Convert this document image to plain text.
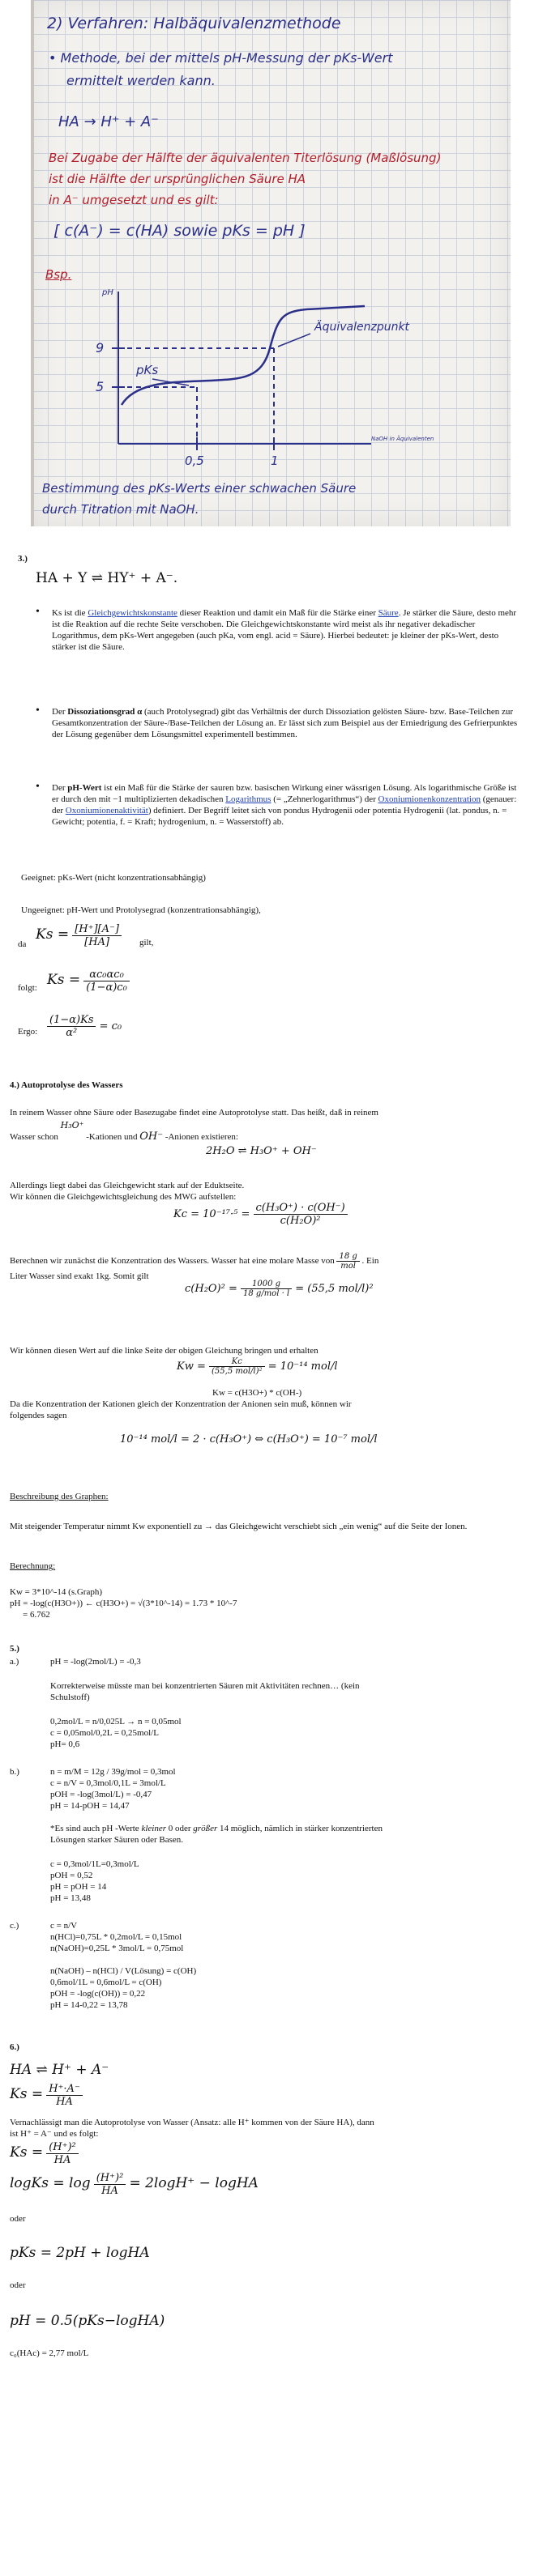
2) Verfahren: Halbäquivalenzmethode
• Methode, bei der mittels pH-Messung der pKs-Wert
ermittelt werden kann.
HA → H⁺ + A⁻
Bei Zugabe der Hälfte der äquivalenten Titerlösung (Maßlösung)
ist die Hälfte der ursprünglichen Säure HA
in A⁻ umgesetzt und es gilt:
[ c(A⁻) = c(HA) sowie pKs = pH ]
Bsp.
pH
9
5
pKs
Äquivalenzpunkt
0,5	1
NaOH in Äquivalenten
Bestimmung des pKs-Werts einer schwachen Säure
durch Titration mit NaOH.
3.)
HA + Y ⇌ HY⁺ + A⁻.
• Ks ist die Gleichgewichtskonstante dieser Reaktion und damit ein Maß für die Stärke einer Säure. Je stärker die Säure, desto mehr ist die Reaktion auf die rechte Seite verschoben. Die Gleichgewichtskonstante wird meist als ihr negativer dekadischer Logarithmus, dem pKs-Wert angegeben (auch pKa, vom engl. acid = Säure). Hierbei bedeutet: je kleiner der pKs-Wert, desto stärker ist die Säure.
• Der Dissoziationsgrad α (auch Protolysegrad) gibt das Verhältnis der durch Dissoziation gelösten Säure- bzw. Base-Teilchen zur Gesamtkonzentration der Säure-/Base-Teilchen der Lösung an. Er lässt sich zum Beispiel aus der Erniedrigung des Gefrierpunktes der Lösung gegenüber dem Lösungsmittel experimentell bestimmen.
• Der pH-Wert ist ein Maß für die Stärke der sauren bzw. basischen Wirkung einer wässrigen Lösung. Als logarithmische Größe ist er durch den mit −1 multiplizierten dekadischen Logarithmus (= „Zehnerlogarithmus“) der Oxoniumionenkonzentration (genauer: der Oxoniumionenaktivität) definiert. Der Begriff leitet sich von pondus Hydrogenii oder potentia Hydrogenii (lat. pondus, n. = Gewicht; potentia, f. = Kraft; hydrogenium, n. = Wasserstoff) ab.
Geeignet: pKs-Wert (nicht konzentrationsabhängig)
Ungeeignet: pH-Wert und Protolysegrad (konzentrationsabhängig),
da
$Ks = \frac{[H^+][A^-]}{[HA]}$ gilt,
folgt: $Ks = \frac{\text{αc₀αc₀}}{\text{(1−α)c₀}}$
Ergo: $\frac{(1-\alpha)Ks}{\text{α²}} = c_0$
4.) Autoprotolyse des Wassers
In reinem Wasser ohne Säure oder Basezugabe findet eine Autoprotolyse statt. Das heißt, daß in reinem
Wasser schon H₃O⁺ -Kationen und OH⁻ -Anionen existieren:
2H₂O ⇌ H₃O⁺ + OH⁻
Allerdings liegt dabei das Gleichgewicht stark auf der Eduktseite.
Wir können die Gleichgewichtsgleichung des MWG aufstellen:
$Kc = 10^{-17}\cdot^5 = \frac{\text{c(H₃O⁺) · c(OH⁻)}}{\text{c(H₂O)²}}$
Berechnen wir zunächst die Konzentration des Wassers. Wasser hat eine molare Masse von $\frac{18 g}{\text{mol}}$ . Ein
Liter Wasser sind exakt 1kg. Somit gilt
$c(H_2O)^2 = \frac{1000 g}{\text{18 g/mol · l}} = (55,5$ mol/l)²
Wir können diesen Wert auf die linke Seite der obigen Gleichung bringen und erhalten
$Kw = \frac{Kc}{\text{(55,5 mol/l)²}} = 10^{-14}$ mol/l
Kw = c(H3O+) * c(OH-)
Da die Konzentration der Kationen gleich der Konzentration der Anionen sein muß, können wir
folgendes sagen
10⁻¹⁴ mol/l = 2 · c(H₃O⁺) ⇔ c(H₃O⁺) = 10⁻⁷ mol/l
Beschreibung des Graphen:
Mit steigender Temperatur nimmt Kw exponentiell zu → das Gleichgewicht verschiebt sich „ein wenig“ auf die Seite der Ionen.
Berechnung:
Kw = 3*10^-14 (s.Graph)
pH = -log(c(H3O+)) ← c(H3O+) = √(3*10^-14) = 1.73 * 10^-7
= 6.762
5.)
a.)	pH = -log(2mol/L) = -0,3
Korrekterweise müsste man bei konzentrierten Säuren mit Aktivitäten rechnen… (kein
Schulstoff)
0,2mol/L = n/0,025L → n = 0,05mol
c = 0,05mol/0,2L = 0,25mol/L
pH= 0,6
b.)	n = m/M = 12g / 39g/mol = 0,3mol
c = n/V = 0,3mol/0,1L = 3mol/L
pOH = -log(3mol/L) = -0,47
pH = 14-pOH = 14,47
*Es sind auch pH -Werte kleiner 0 oder größer 14 möglich, nämlich in stärker konzentrierten
Lösungen starker Säuren oder Basen.
c = 0,3mol/1L=0,3mol/L
pOH = 0,52
pH = pOH = 14
pH = 13,48
c.)	c = n/V
n(HCl)=0,75L * 0,2mol/L = 0,15mol
n(NaOH)=0,25L * 3mol/L = 0,75mol
n(NaOH) – n(HCl) / V(Lösung) = c(OH)
0,6mol/1L = 0,6mol/L = c(OH)
pOH = -log(c(OH)) = 0,22
pH = 14-0,22 = 13,78
6.)
HA ⇌ H⁺ + A⁻
$Ks = \frac{H^+\cdot A^-}{HA}$
Vernachlässigt man die Autoprotolyse von Wasser (Ansatz: alle H⁺ kommen von der Säure HA), dann
ist H⁺ = A⁻ und es folgt:
$Ks = \frac{\text{(H⁺)²}}{HA}$
logKs = $\log \frac{\text{(H⁺)²}}{HA} = 2\log H^+$ − logHA
oder
pKs = 2pH + logHA
oder
pH = 0.5(pKs−logHA)
c₀(HAc) = 2,77 mol/L
